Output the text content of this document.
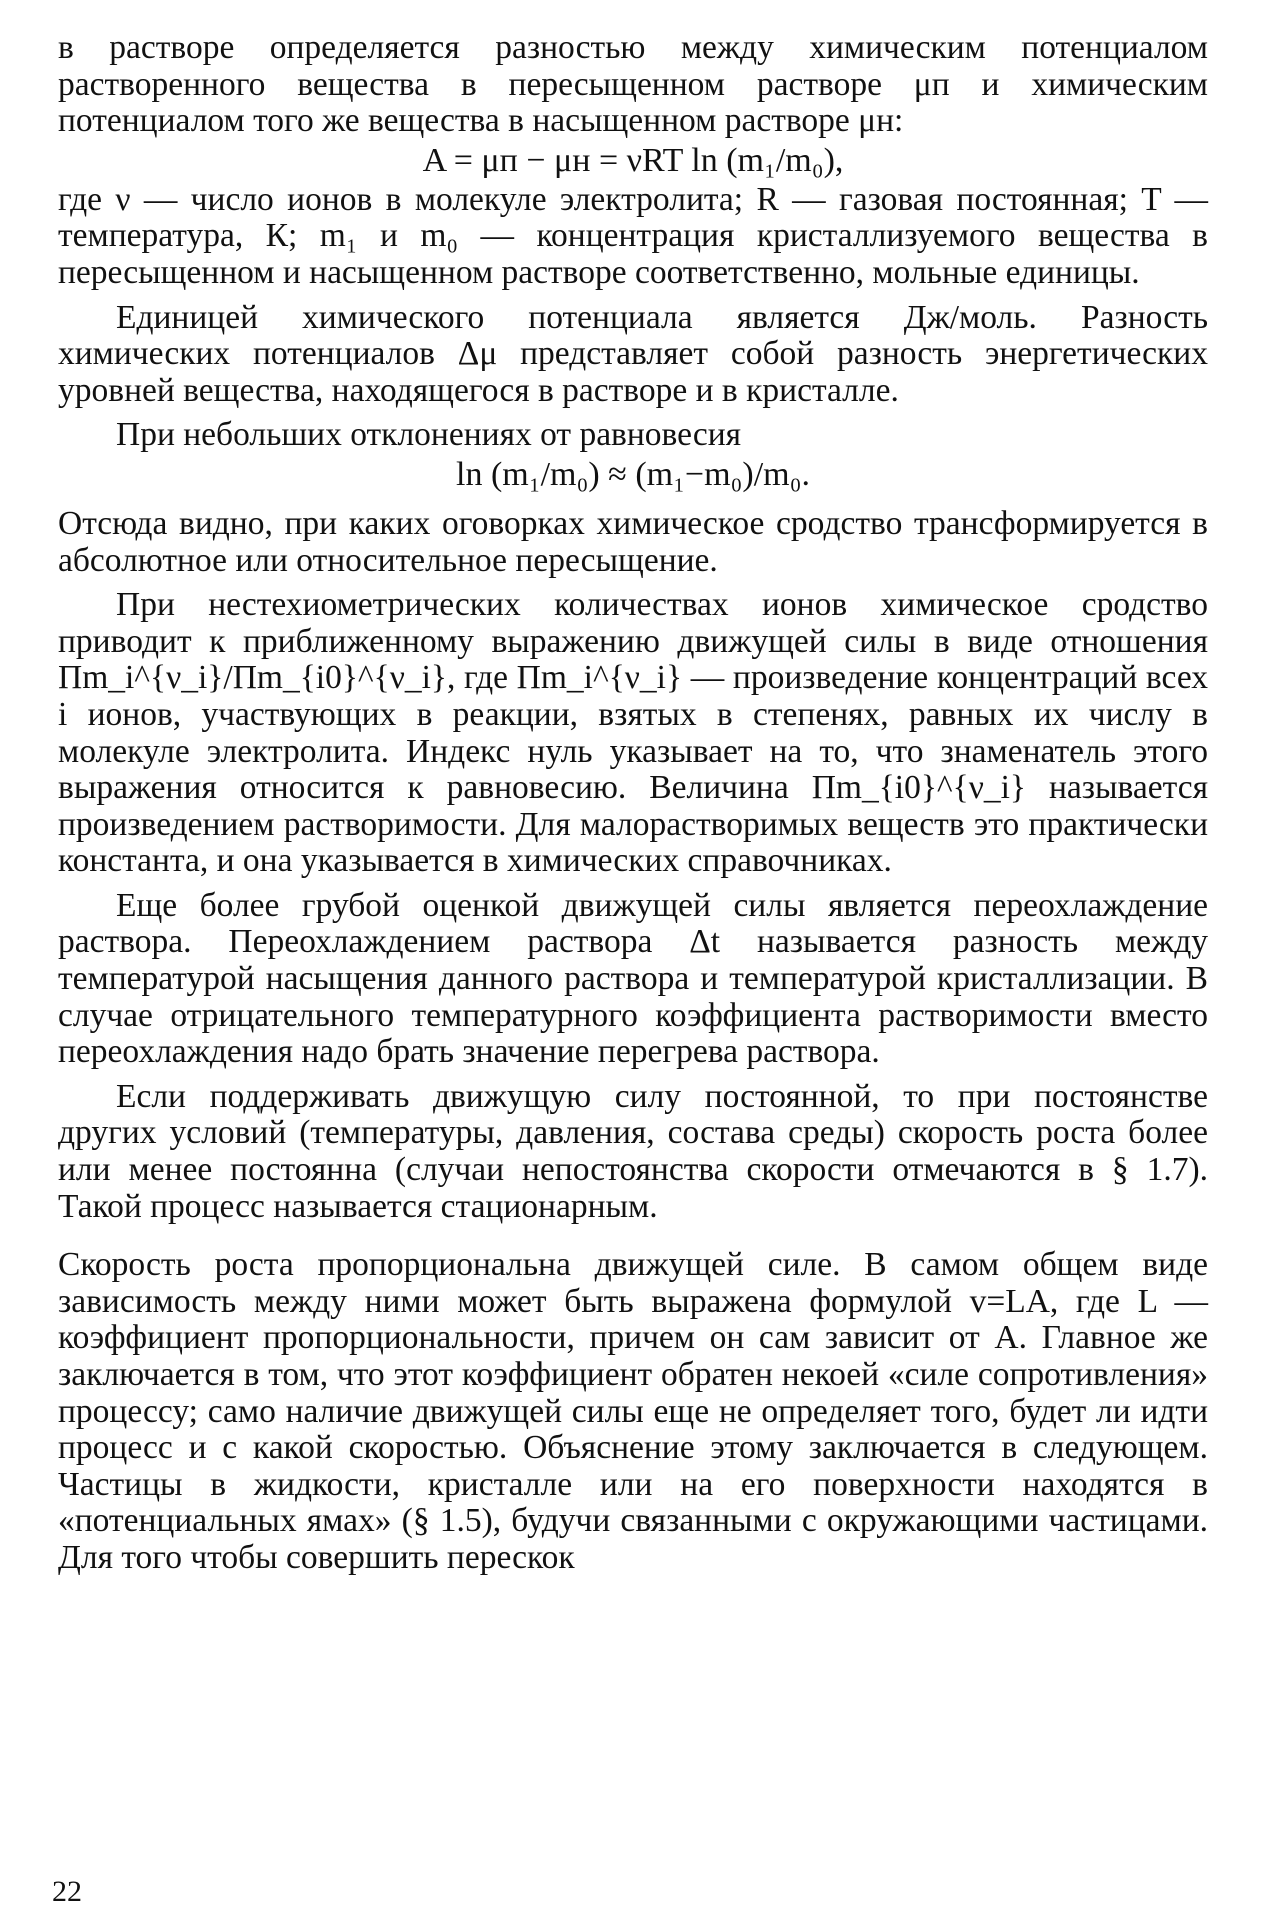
в растворе определяется разностью между химическим потенциалом растворенного вещества в пересыщенном растворе μп и химическим потенциалом того же вещества в насыщенном растворе μн:

A = μп − μн = νRT ln (m₁/m₀),

где ν — число ионов в молекуле электролита; R — газовая постоянная; T — температура, К; m₁ и m₀ — концентрация кристаллизуемого вещества в пересыщенном и насыщенном растворе соответственно, мольные единицы.

Единицей химического потенциала является Дж/моль. Разность химических потенциалов Δμ представляет собой разность энергетических уровней вещества, находящегося в растворе и в кристалле.

При небольших отклонениях от равновесия

ln (m₁/m₀) ≈ (m₁−m₀)/m₀.

Отсюда видно, при каких оговорках химическое сродство трансформируется в абсолютное или относительное пересыщение.

При нестехиометрических количествах ионов химическое сродство приводит к приближенному выражению движущей силы в виде отношения Πm_i^{ν_i}/Πm_{i0}^{ν_i}, где Πm_i^{ν_i} — произведение концентраций всех i ионов, участвующих в реакции, взятых в степенях, равных их числу в молекуле электролита. Индекс нуль указывает на то, что знаменатель этого выражения относится к равновесию. Величина Πm_{i0}^{ν_i} называется произведением растворимости. Для малорастворимых веществ это практически константа, и она указывается в химических справочниках.

Еще более грубой оценкой движущей силы является переохлаждение раствора. Переохлаждением раствора Δt называется разность между температурой насыщения данного раствора и температурой кристаллизации. В случае отрицательного температурного коэффициента растворимости вместо переохлаждения надо брать значение перегрева раствора.

Если поддерживать движущую силу постоянной, то при постоянстве других условий (температуры, давления, состава среды) скорость роста более или менее постоянна (случаи непостоянства скорости отмечаются в § 1.7). Такой процесс называется стационарным.

Скорость роста пропорциональна движущей силе. В самом общем виде зависимость между ними может быть выражена формулой v=LA, где L — коэффициент пропорциональности, причем он сам зависит от A. Главное же заключается в том, что этот коэффициент обратен некоей «силе сопротивления» процессу; само наличие движущей силы еще не определяет того, будет ли идти процесс и с какой скоростью. Объяснение этому заключается в следующем. Частицы в жидкости, кристалле или на его поверхности находятся в «потенциальных ямах» (§ 1.5), будучи связанными с окружающими частицами. Для того чтобы совершить перескок

22
